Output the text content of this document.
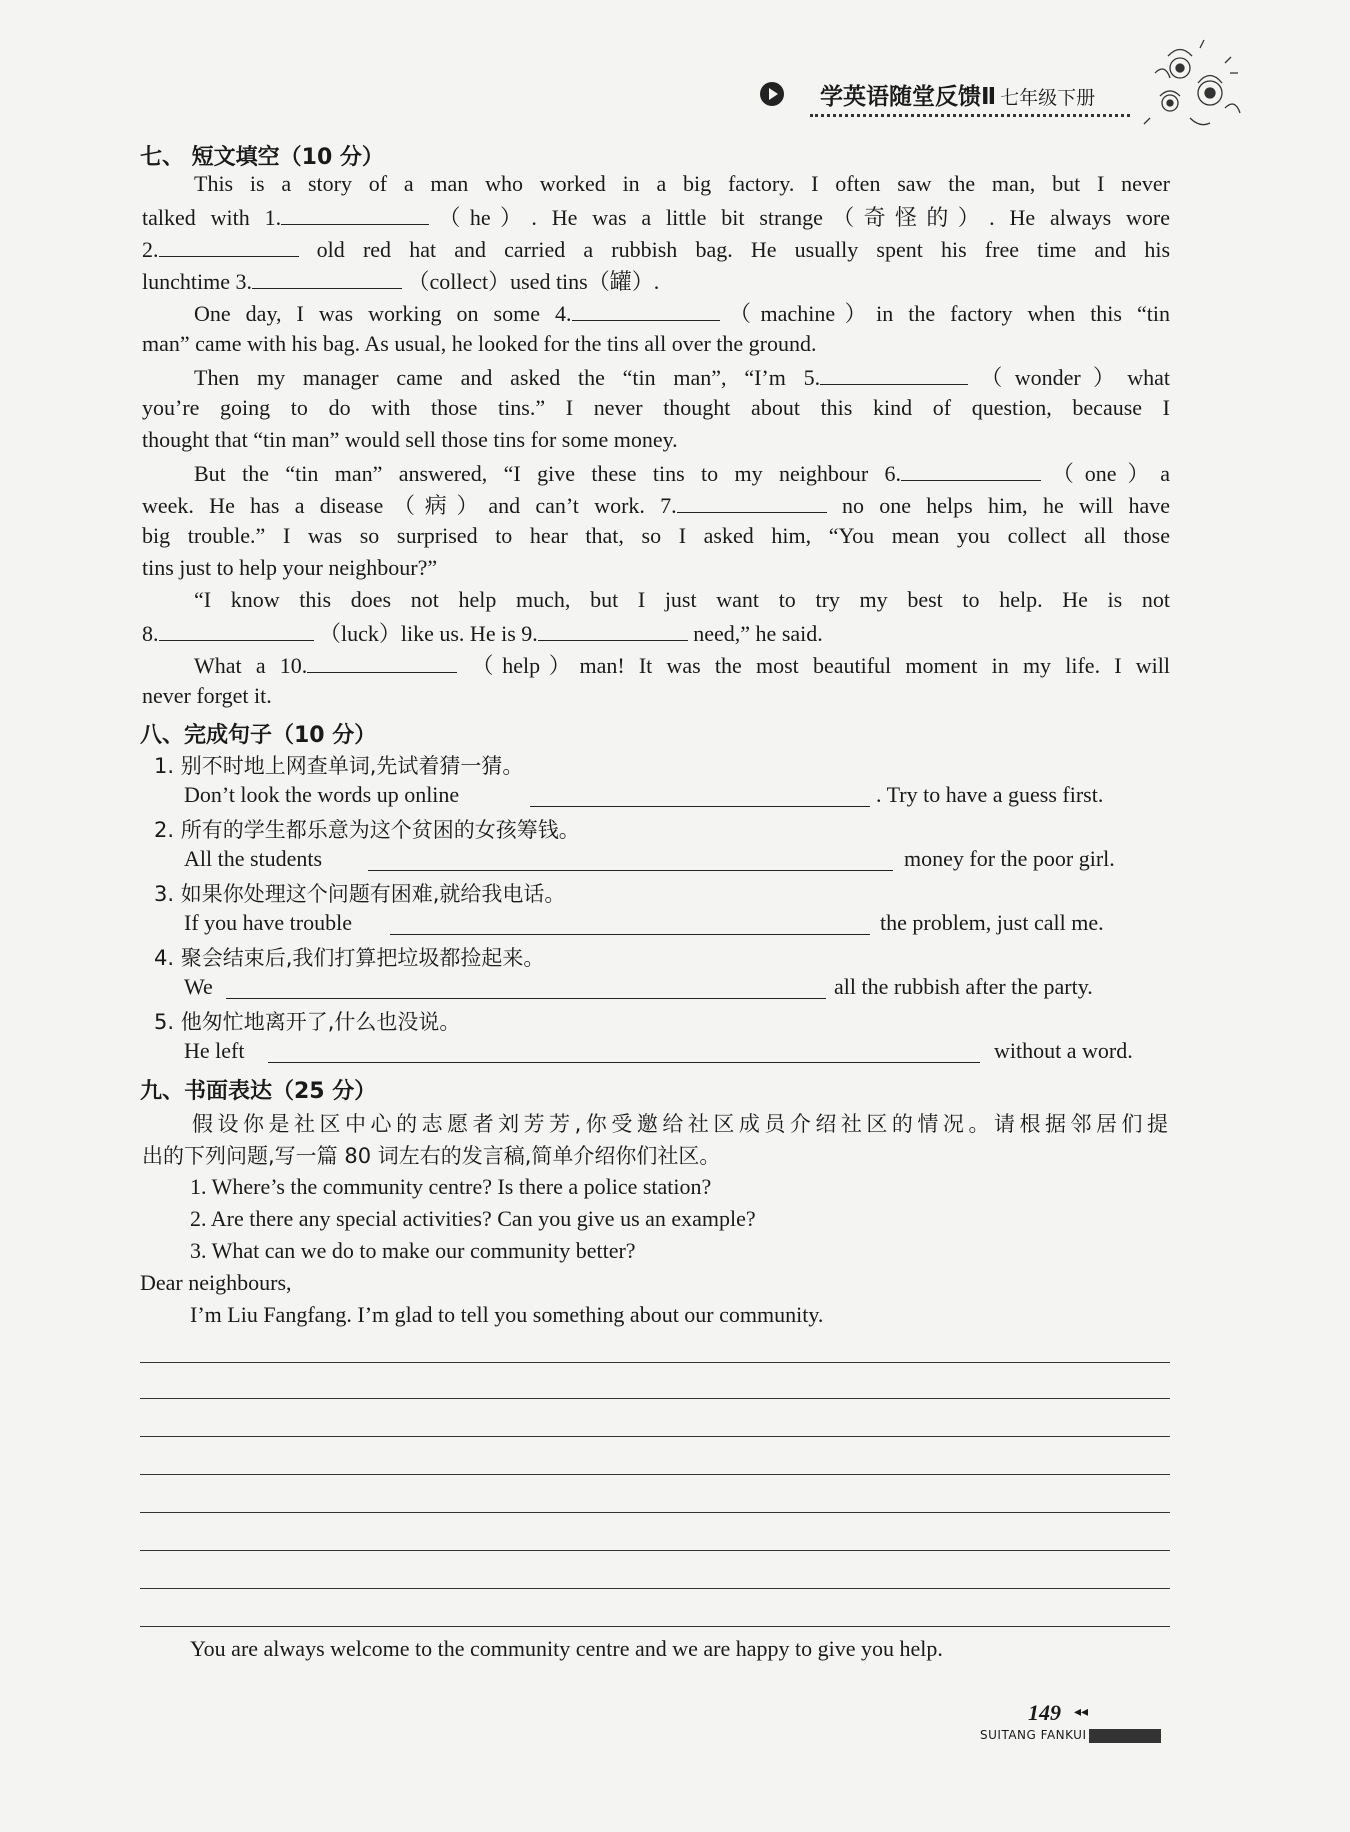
学英语随堂反馈Ⅱ 七年级下册
七、 短文填空（10 分）
This is a story of a man who worked in a big factory. I often saw the man, but I never
talked with 1.	（he）. He was a little bit strange（奇怪的）. He always wore
2.	old red hat and carried a rubbish bag. He usually spent his free time and his
lunchtime 3.	（collect）used tins（罐）.
One day, I was working on some 4.	（machine）in the factory when this “tin
man” came with his bag. As usual, he looked for the tins all over the ground.
Then my manager came and asked the “tin man”, “I’m 5.	（wonder）what
you’re going to do with those tins.” I never thought about this kind of question, because I
thought that “tin man” would sell those tins for some money.
But the “tin man” answered, “I give these tins to my neighbour 6.	（one）a
week. He has a disease（病）and can’t work. 7.	no one helps him, he will have
big trouble.” I was so surprised to hear that, so I asked him, “You mean you collect all those
tins just to help your neighbour?”
“I know this does not help much, but I just want to try my best to help. He is not
8.	（luck）like us. He is 9.	need,” he said.
What a 10.	（help）man! It was the most beautiful moment in my life. I will
never forget it.
八、完成句子（10 分）
1. 别不时地上网查单词,先试着猜一猜。
Don’t look the words up online	. Try to have a guess first.
2. 所有的学生都乐意为这个贫困的女孩筹钱。
All the students	money for the poor girl.
3. 如果你处理这个问题有困难,就给我电话。
If you have trouble	the problem, just call me.
4. 聚会结束后,我们打算把垃圾都捡起来。
We	all the rubbish after the party.
5. 他匆忙地离开了,什么也没说。
He left	without a word.
九、书面表达（25 分）
假设你是社区中心的志愿者刘芳芳,你受邀给社区成员介绍社区的情况。请根据邻居们提
出的下列问题,写一篇 80 词左右的发言稿,简单介绍你们社区。
1. Where’s the community centre? Is there a police station?
2. Are there any special activities? Can you give us an example?
3. What can we do to make our community better?
Dear neighbours,
I’m Liu Fangfang. I’m glad to tell you something about our community.
You are always welcome to the community centre and we are happy to give you help.
149 ◂◂
SUITANG FANKUI
